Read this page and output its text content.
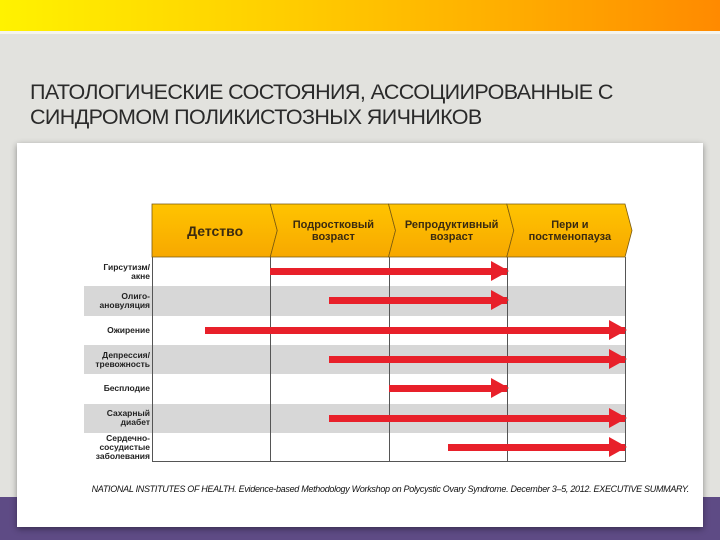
ПАТОЛОГИЧЕСКИЕ СОСТОЯНИЯ, АССОЦИИРОВАННЫЕ С СИНДРОМОМ ПОЛИКИСТОЗНЫХ ЯИЧНИКОВ
Детство	Подростковый возраст
Репродуктивный возраст
Пери и постменопауза
Гирсутизм/ акне
Олиго-ановуляция
Ожирение
Депрессия/ тревожность
Бесплодие
Сахарный диабет
Сердечно-сосудистые заболевания
NATIONAL INSTITUTES OF HEALTH. Evidence-based Methodology Workshop on Polycystic Ovary Syndrome. December 3–5, 2012. EXECUTIVE SUMMARY.
